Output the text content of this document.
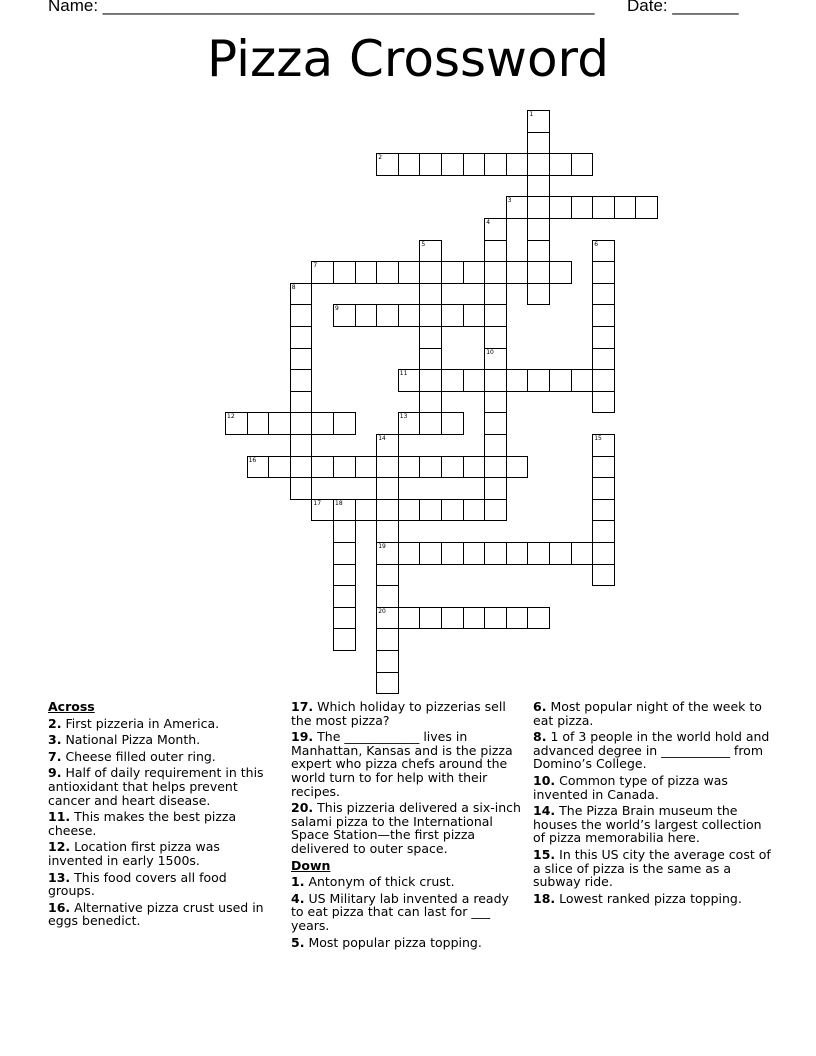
Name: ____________________________________________________ Date: _______
Pizza Crossword
1
2
3
4
10
5	6
7
8
9
11
12	13
14
19
20
15
16
17 18

Across

2. First pizzeria in America.

3. National Pizza Month.

7. Cheese filled outer ring.

9. Half of daily requirement in this antioxidant that helps prevent cancer and heart disease.

11. This makes the best pizza cheese.

12. Location first pizza was invented in early 1500s.

13. This food covers all food groups.

16. Alternative pizza crust used in eggs benedict.

17. Which holiday to pizzerias sell the most pizza?

19. The ____________ lives in Manhattan, Kansas and is the pizza expert who pizza chefs around the world turn to for help with their recipes.

20. This pizzeria delivered a six-inch salami pizza to the International Space Station—the first pizza delivered to outer space.

Down

1. Antonym of thick crust.

4. US Military lab invented a ready to eat pizza that can last for ___ years.

5. Most popular pizza topping.

6. Most popular night of the week to eat pizza.

8. 1 of 3 people in the world hold and advanced degree in ___________ from Domino’s College.

10. Common type of pizza was invented in Canada.

14. The Pizza Brain museum the houses the world’s largest collection of pizza memorabilia here.

15. In this US city the average cost of a slice of pizza is the same as a subway ride.

18. Lowest ranked pizza topping.
